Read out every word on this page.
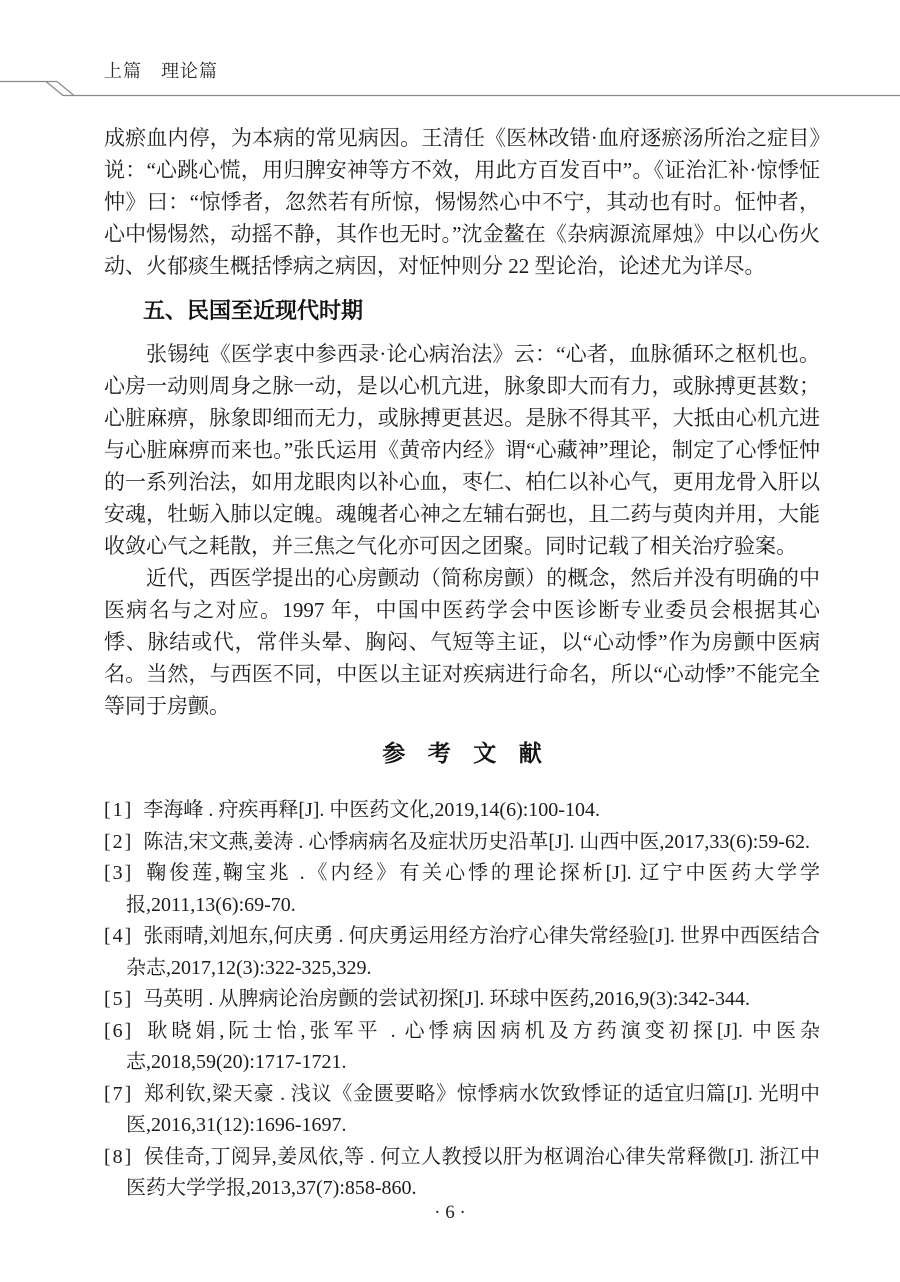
上篇　理论篇

成瘀血内停，为本病的常见病因。王清任《医林改错·血府逐瘀汤所治之症目》说：“心跳心慌，用归脾安神等方不效，用此方百发百中”。《证治汇补·惊悸怔忡》曰：“惊悸者，忽然若有所惊，惕惕然心中不宁，其动也有时。怔忡者，心中惕惕然，动摇不静，其作也无时。”沈金鳌在《杂病源流犀烛》中以心伤火动、火郁痰生概括悸病之病因，对怔忡则分 22 型论治，论述尤为详尽。

五、民国至近现代时期

张锡纯《医学衷中参西录·论心病治法》云：“心者，血脉循环之枢机也。心房一动则周身之脉一动，是以心机亢进，脉象即大而有力，或脉搏更甚数；心脏麻痹，脉象即细而无力，或脉搏更甚迟。是脉不得其平，大抵由心机亢进与心脏麻痹而来也。”张氏运用《黄帝内经》谓“心藏神”理论，制定了心悸怔忡的一系列治法，如用龙眼肉以补心血，枣仁、柏仁以补心气，更用龙骨入肝以安魂，牡蛎入肺以定魄。魂魄者心神之左辅右弼也，且二药与萸肉并用，大能收敛心气之耗散，并三焦之气化亦可因之团聚。同时记载了相关治疗验案。

近代，西医学提出的心房颤动（简称房颤）的概念，然后并没有明确的中医病名与之对应。1997 年，中国中医药学会中医诊断专业委员会根据其心悸、脉结或代，常伴头晕、胸闷、气短等主证，以“心动悸”作为房颤中医病名。当然，与西医不同，中医以主证对疾病进行命名，所以“心动悸”不能完全等同于房颤。

参 考 文 献

[1] 李海峰 . 疛疾再释[J]. 中医药文化,2019,14(6):100-104.

[2] 陈洁,宋文燕,姜涛 . 心悸病病名及症状历史沿革[J]. 山西中医,2017,33(6):59-62.

[3] 鞠俊莲,鞠宝兆 .《内经》有关心悸的理论探析[J]. 辽宁中医药大学学报,2011,13(6):69-70.

[4] 张雨晴,刘旭东,何庆勇 . 何庆勇运用经方治疗心律失常经验[J]. 世界中西医结合杂志,2017,12(3):322-325,329.

[5] 马英明 . 从脾病论治房颤的尝试初探[J]. 环球中医药,2016,9(3):342-344.

[6] 耿晓娟,阮士怡,张军平 . 心悸病因病机及方药演变初探[J]. 中医杂志,2018,59(20):1717-1721.

[7] 郑利钦,梁天豪 . 浅议《金匮要略》惊悸病水饮致悸证的适宜归篇[J]. 光明中医,2016,31(12):1696-1697.

[8] 侯佳奇,丁阅异,姜凤依,等 . 何立人教授以肝为枢调治心律失常释微[J]. 浙江中医药大学学报,2013,37(7):858-860.

· 6 ·
